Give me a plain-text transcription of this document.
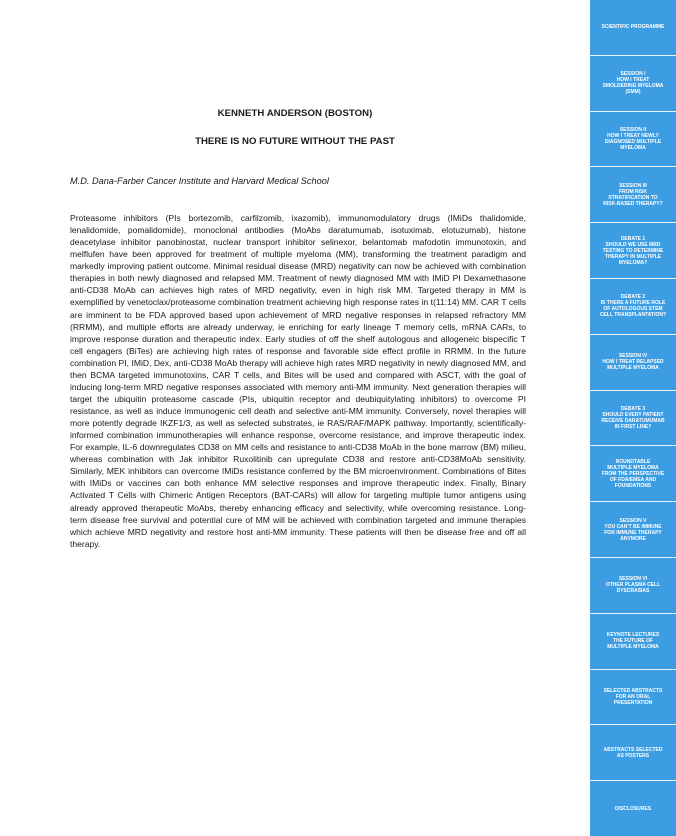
KENNETH ANDERSON (BOSTON)
THERE IS NO FUTURE WITHOUT THE PAST
M.D. Dana-Farber Cancer Institute and Harvard Medical School

Proteasome inhibitors (PIs bortezomib, carfilzomib, ixazomib), immunomodulatory drugs (IMiDs thalidomide, lenalidomide, pomalidomide), monoclonal antibodies (MoAbs daratumumab, isotuximab, elotuzumab), histone deacetylase inhibitor panobinostat, nuclear transport inhibitor selinexor, belantomab mafodotin immunotoxin, and melflufen have been approved for treatment of multiple myeloma (MM), transforming the treatment paradigm and markedly improving patient outcome. Minimal residual disease (MRD) negativity can now be achieved with combination therapies in both newly diagnosed and relapsed MM. Treatment of newly diagnosed MM with IMiD PI Dexamethasone anti-CD38 MoAb can achieves high rates of MRD negativity, even in high risk MM. Targeted therapy in MM is exemplified by venetoclax/proteasome combination treatment achieving high response rates in t(11:14) MM. CAR T cells are imminent to be FDA approved based upon achievement of MRD negative responses in relapsed refractory MM (RRMM), and multiple efforts are already underway, ie enriching for early lineage T memory cells, mRNA CARs, to improve response duration and therapeutic index. Early studies of off the shelf autologous and allogeneic bispecific T cell engagers (BiTes) are achieving high rates of response and favorable side effect profile in RRMM. In the future combination PI, IMiD, Dex, anti-CD38 MoAb therapy will achieve high rates MRD negativity in newly diagnosed MM, and then BCMA targeted immunotoxins, CAR T cells, and Bites will be used and compared with ASCT, with the goal of inducing long-term MRD negative responses associated with memory anti-MM immunity. Next generation therapies will target the ubiquitin proteasome cascade (PIs, ubiquitin receptor and deubiquitylating inhibitors) to overcome PI resistance, as well as induce immunogenic cell death and selective anti-MM immunity. Conversely, novel therapies will more potently degrade IKZF1/3, as well as selected substrates, ie RAS/RAF/MAPK pathway. Importantly, scientifically-informed combination immunotherapies will enhance response, overcome resistance, and improve therapeutic index. For example, IL-6 downregulates CD38 on MM cells and resistance to anti-CD38 MoAb in the bone marrow (BM) milieu, whereas combination with Jak inhibitor Ruxolitinib can upregulate CD38 and restore anti-CD38MoAb sensitivity. Similarly, MEK inhibitors can overcome IMiDs resistance conferred by the BM microenvironment. Combinations of Bites with IMiDs or vaccines can both enhance MM selective responses and improve therapeutic index. Finally, Binary Activated T Cells with Chimeric Antigen Receptors (BAT-CARs) will allow for targeting multiple tumor antigens using already approved therapeutic MoAbs, thereby enhancing efficacy and selectivity, while overcoming resistance. Long-term disease free survival and potential cure of MM will be achieved with combination targeted and immune therapies which achieve MRD negativity and restore host anti-MM immunity. These patients will then be disease free and off all therapy.

SCIENTIFIC PROGRAMME
SESSION I
HOW I TREAT
SMOLDERING MYELOMA
(SMM)
SESSION II
HOW I TREAT NEWLY
DIAGNOSED MULTIPLE
MYELOMA
SESSION III
FROM RISK
STRATIFICATION TO
RISK-BASED THERAPY?
DEBATE 1
SHOULD WE USE MRD
TESTING TO DETERMINE
THERAPY IN MULTIPLE
MYELOMA?
DEBATE 2
IS THERE A FUTURE ROLE
OF AUTOLOGOUS STEM
CELL TRANSPLANTATION?
SESSION IV
HOW I TREAT RELAPSED
MULTIPLE MYELOMA
DEBATE 3
SHOULD EVERY PATIENT
RECEIVE DARATUMUMAB
IN FIRST LINE?
ROUNDTABLE
MULTIPLE MYELOMA
FROM THE PERSPECTIVE
OF FDA/EMEA AND
FOUNDATIONS
SESSION V
YOU CAN'T BE IMMUNE
FOR IMMUNE THERAPY
ANYMORE
SESSION VI
OTHER PLASMA CELL
DYSCRASIAS
KEYNOTE LECTURES
THE FUTURE OF
MULTIPLE MYELOMA
SELECTED ABSTRACTS
FOR AN ORAL
PRESENTATION
ABSTRACTS SELECTED
AS POSTERS
DISCLOSURES
